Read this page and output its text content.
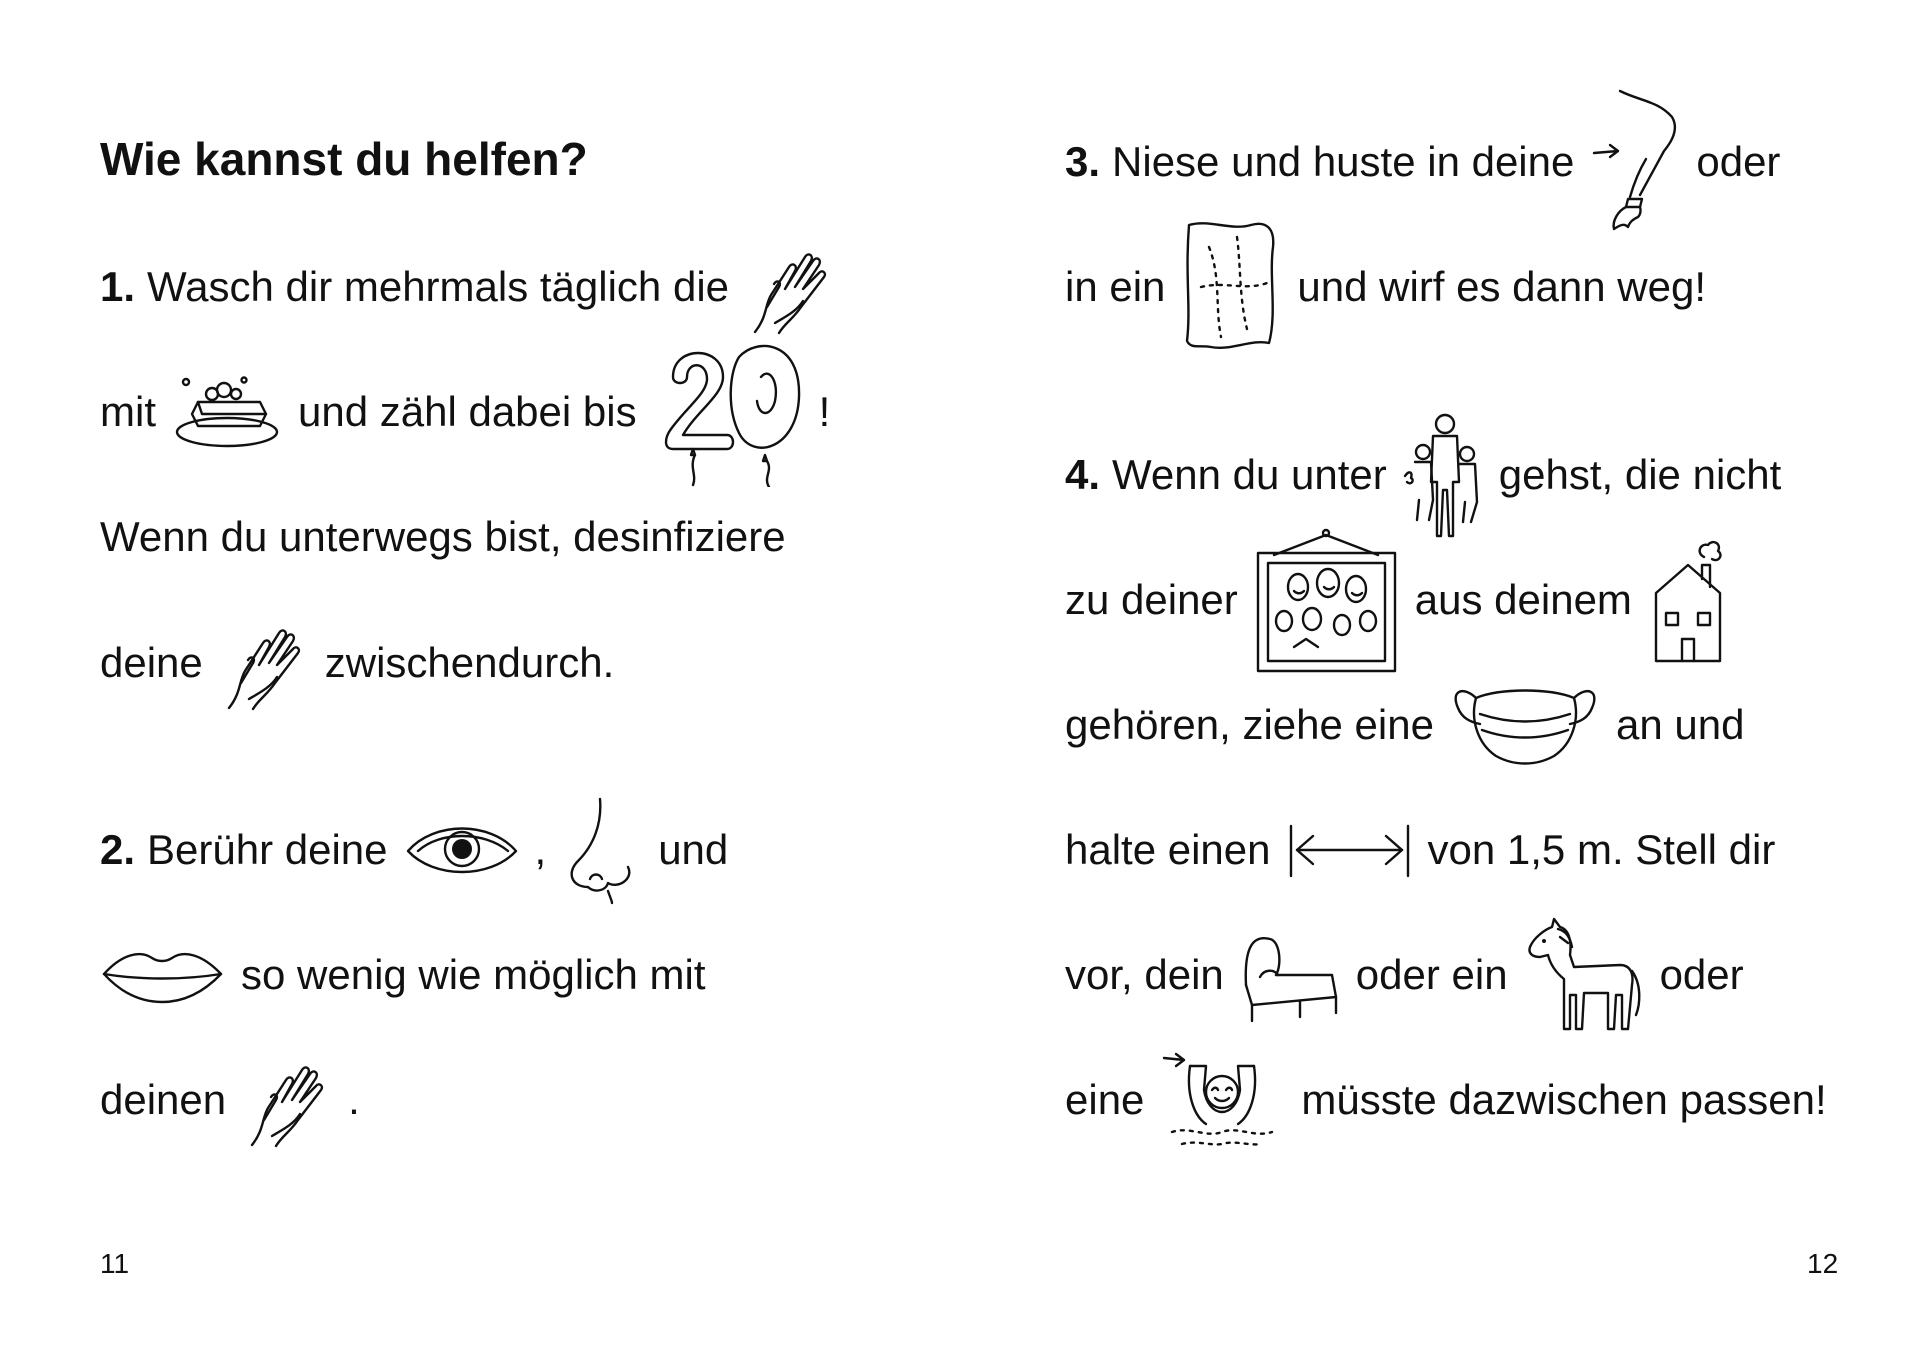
Wie kannst du helfen?
1. Wasch dir mehrmals täglich die
mit	und zähl dabei bis	!
Wenn du unterwegs bist, desinfiziere
deine	zwischendurch.
2. Berühr deine	,	und
so wenig wie möglich mit
deinen	.
11
3. Niese und huste in deine	oder
in ein	und wirf es dann weg!
4. Wenn du unter	gehst, die nicht
zu deiner	aus deinem
gehören, ziehe eine	an und
halte einen	von 1,5 m. Stell dir
vor, dein	oder ein	oder
eine	müsste dazwischen passen!
12
